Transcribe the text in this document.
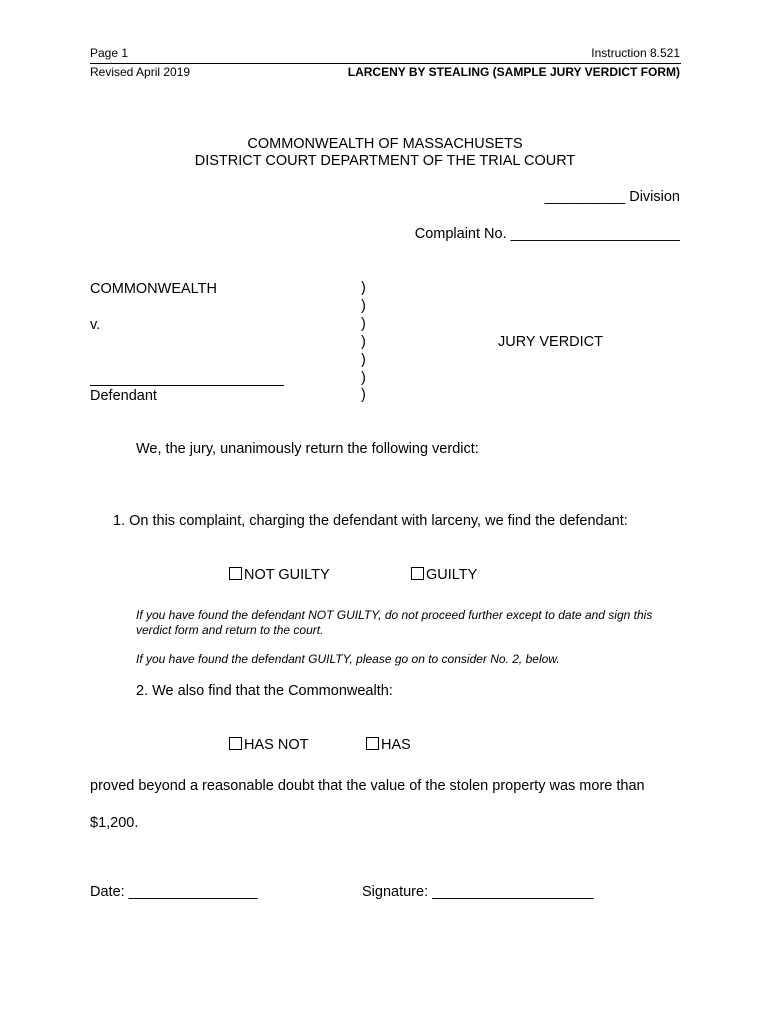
Page 1
Revised April 2019
Instruction 8.521
LARCENY BY STEALING (SAMPLE JURY VERDICT FORM)
COMMONWEALTH OF MASSACHUSETS
DISTRICT COURT DEPARTMENT OF THE TRIAL COURT
__________ Division
Complaint No. _____________________
COMMONWEALTH
v.
Defendant
)
)
)
)
)
)
)
JURY VERDICT
We, the jury, unanimously return the following verdict:
1. On this complaint, charging the defendant with larceny, we find the defendant:
NOT GUILTY	GUILTY
If you have found the defendant NOT GUILTY, do not proceed further except to date and sign this verdict form and return to the court.
If you have found the defendant GUILTY, please go on to consider No. 2, below.
2. We also find that the Commonwealth:
HAS NOT	HAS
proved beyond a reasonable doubt that the value of the stolen property was more than
$1,200.
Date: ________________	Signature: ____________________
